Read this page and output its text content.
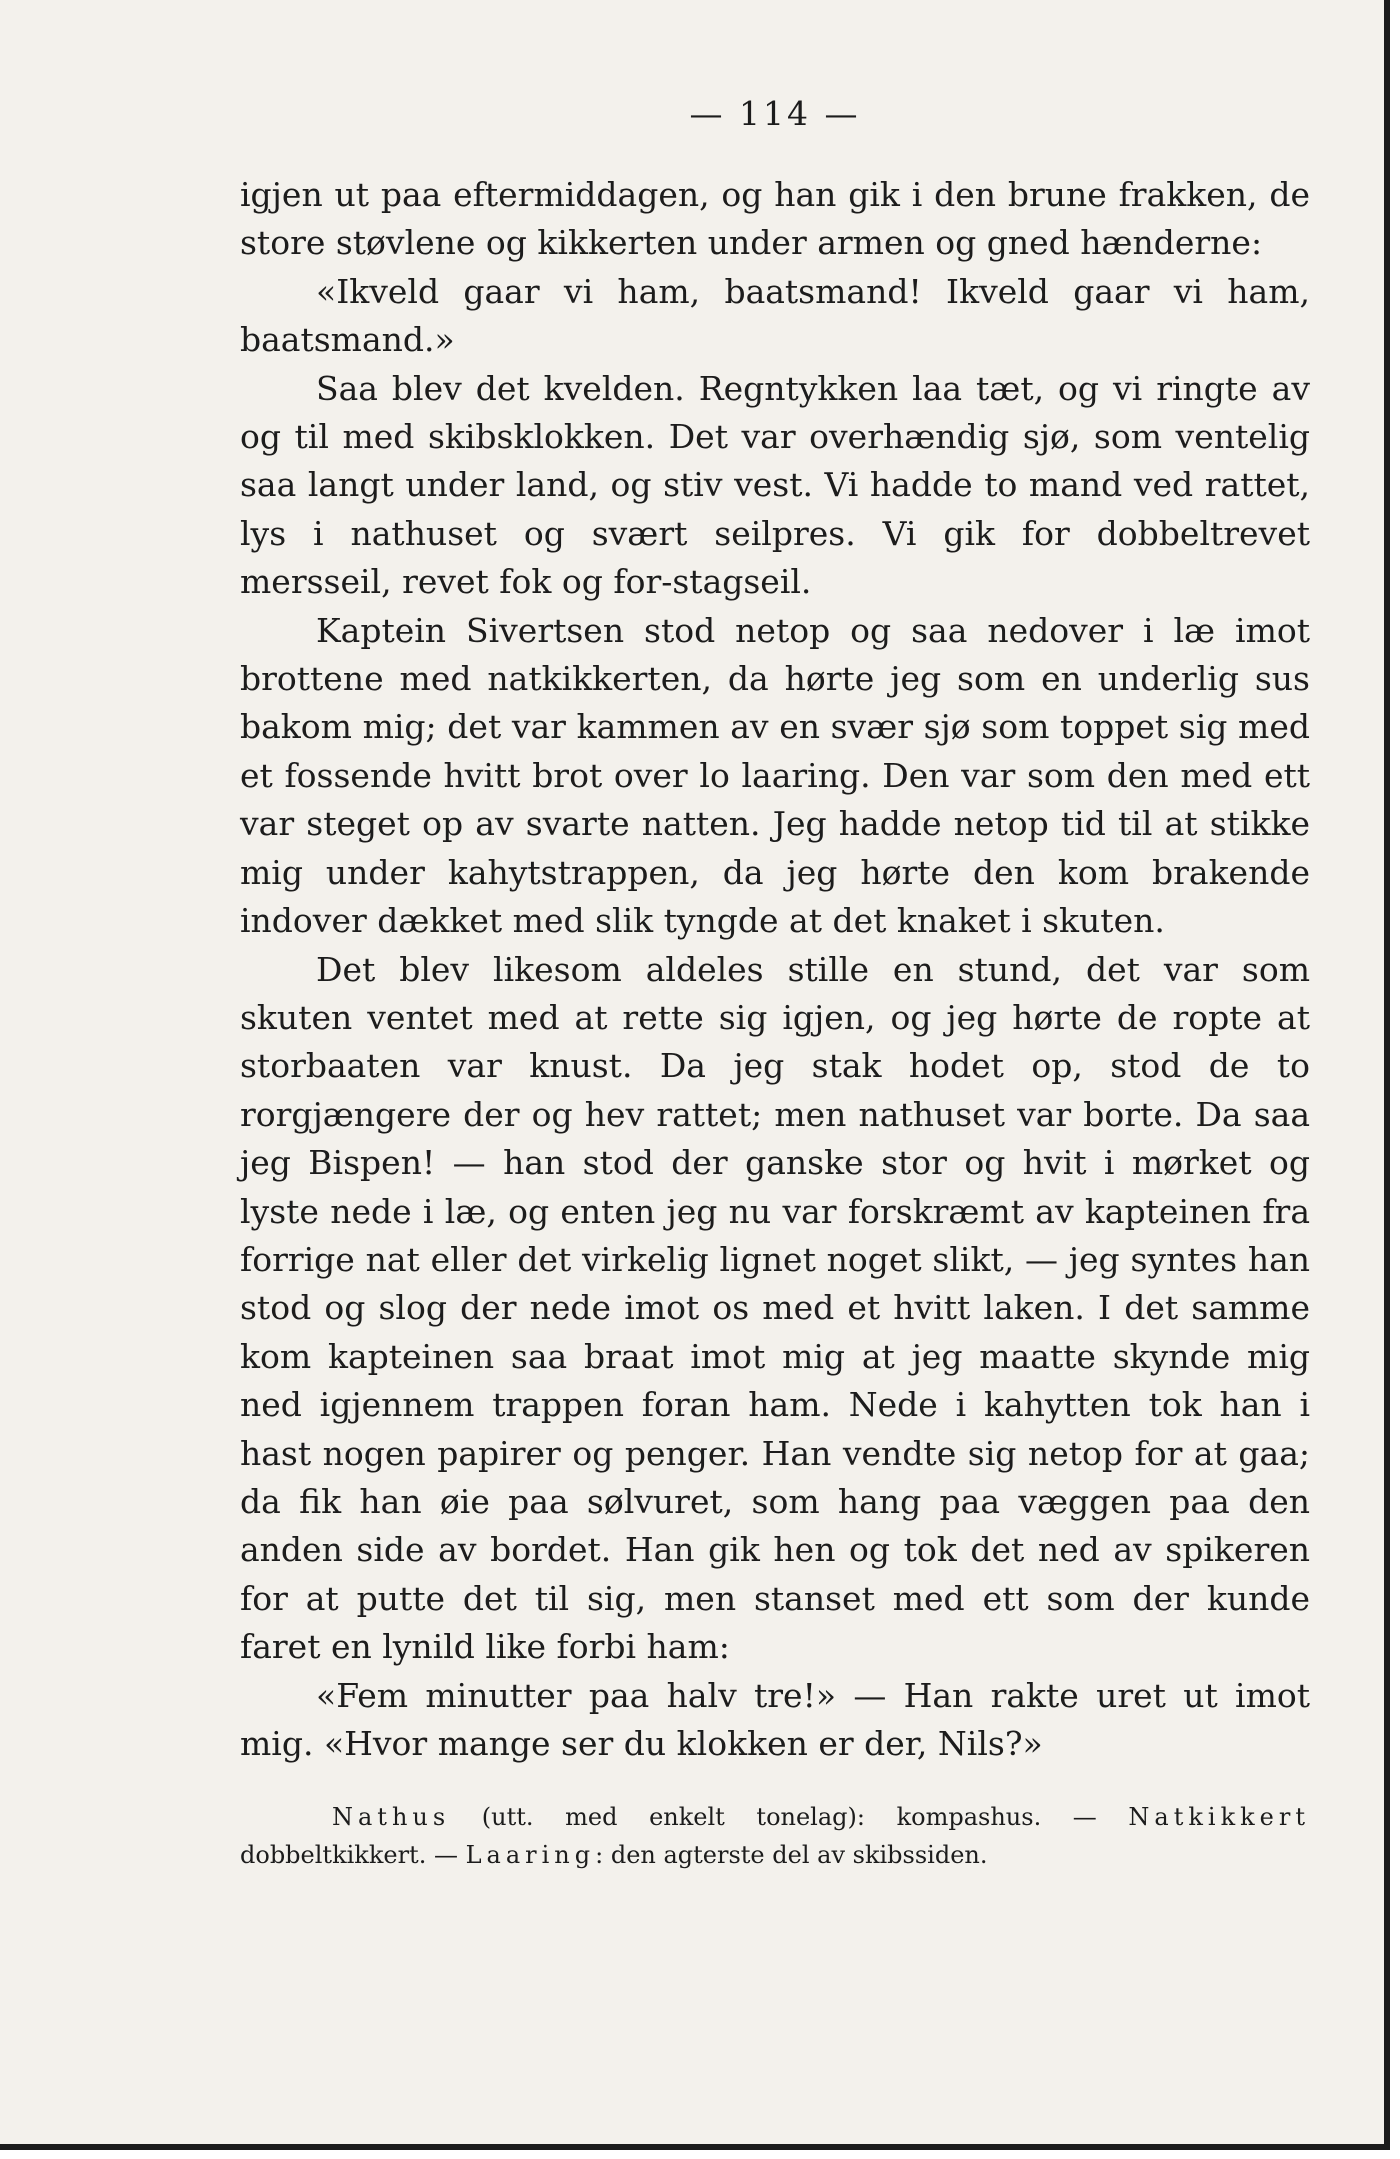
— 114 —

igjen ut paa eftermiddagen, og han gik i den brune frakken, de store støvlene og kikkerten under armen og gned hænderne:

«Ikveld gaar vi ham, baatsmand! Ikveld gaar vi ham, baatsmand.»

Saa blev det kvelden. Regntykken laa tæt, og vi ringte av og til med skibsklokken. Det var overhændig sjø, som ventelig saa langt under land, og stiv vest. Vi hadde to mand ved rattet, lys i nathuset og svært seilpres. Vi gik for dobbeltrevet mersseil, revet fok og for-stagseil.

Kaptein Sivertsen stod netop og saa nedover i læ imot brottene med natkikkerten, da hørte jeg som en underlig sus bakom mig; det var kammen av en svær sjø som toppet sig med et fossende hvitt brot over lo laaring. Den var som den med ett var steget op av svarte natten. Jeg hadde netop tid til at stikke mig under kahytstrappen, da jeg hørte den kom brakende indover dækket med slik tyngde at det knaket i skuten.

Det blev likesom aldeles stille en stund, det var som skuten ventet med at rette sig igjen, og jeg hørte de ropte at storbaaten var knust. Da jeg stak hodet op, stod de to rorgjængere der og hev rattet; men nathuset var borte. Da saa jeg Bispen! — han stod der ganske stor og hvit i mørket og lyste nede i læ, og enten jeg nu var forskræmt av kapteinen fra forrige nat eller det virkelig lignet noget slikt, — jeg syntes han stod og slog der nede imot os med et hvitt laken. I det samme kom kapteinen saa braat imot mig at jeg maatte skynde mig ned igjennem trappen foran ham. Nede i kahytten tok han i hast nogen papirer og penger. Han vendte sig netop for at gaa; da fik han øie paa sølvuret, som hang paa væggen paa den anden side av bordet. Han gik hen og tok det ned av spikeren for at putte det til sig, men stanset med ett som der kunde faret en lynild like forbi ham:

«Fem minutter paa halv tre!» — Han rakte uret ut imot mig. «Hvor mange ser du klokken er der, Nils?»

Nathus (utt. med enkelt tonelag): kompashus. — Natkikkert dobbeltkikkert. — Laaring: den agterste del av skibssiden.
